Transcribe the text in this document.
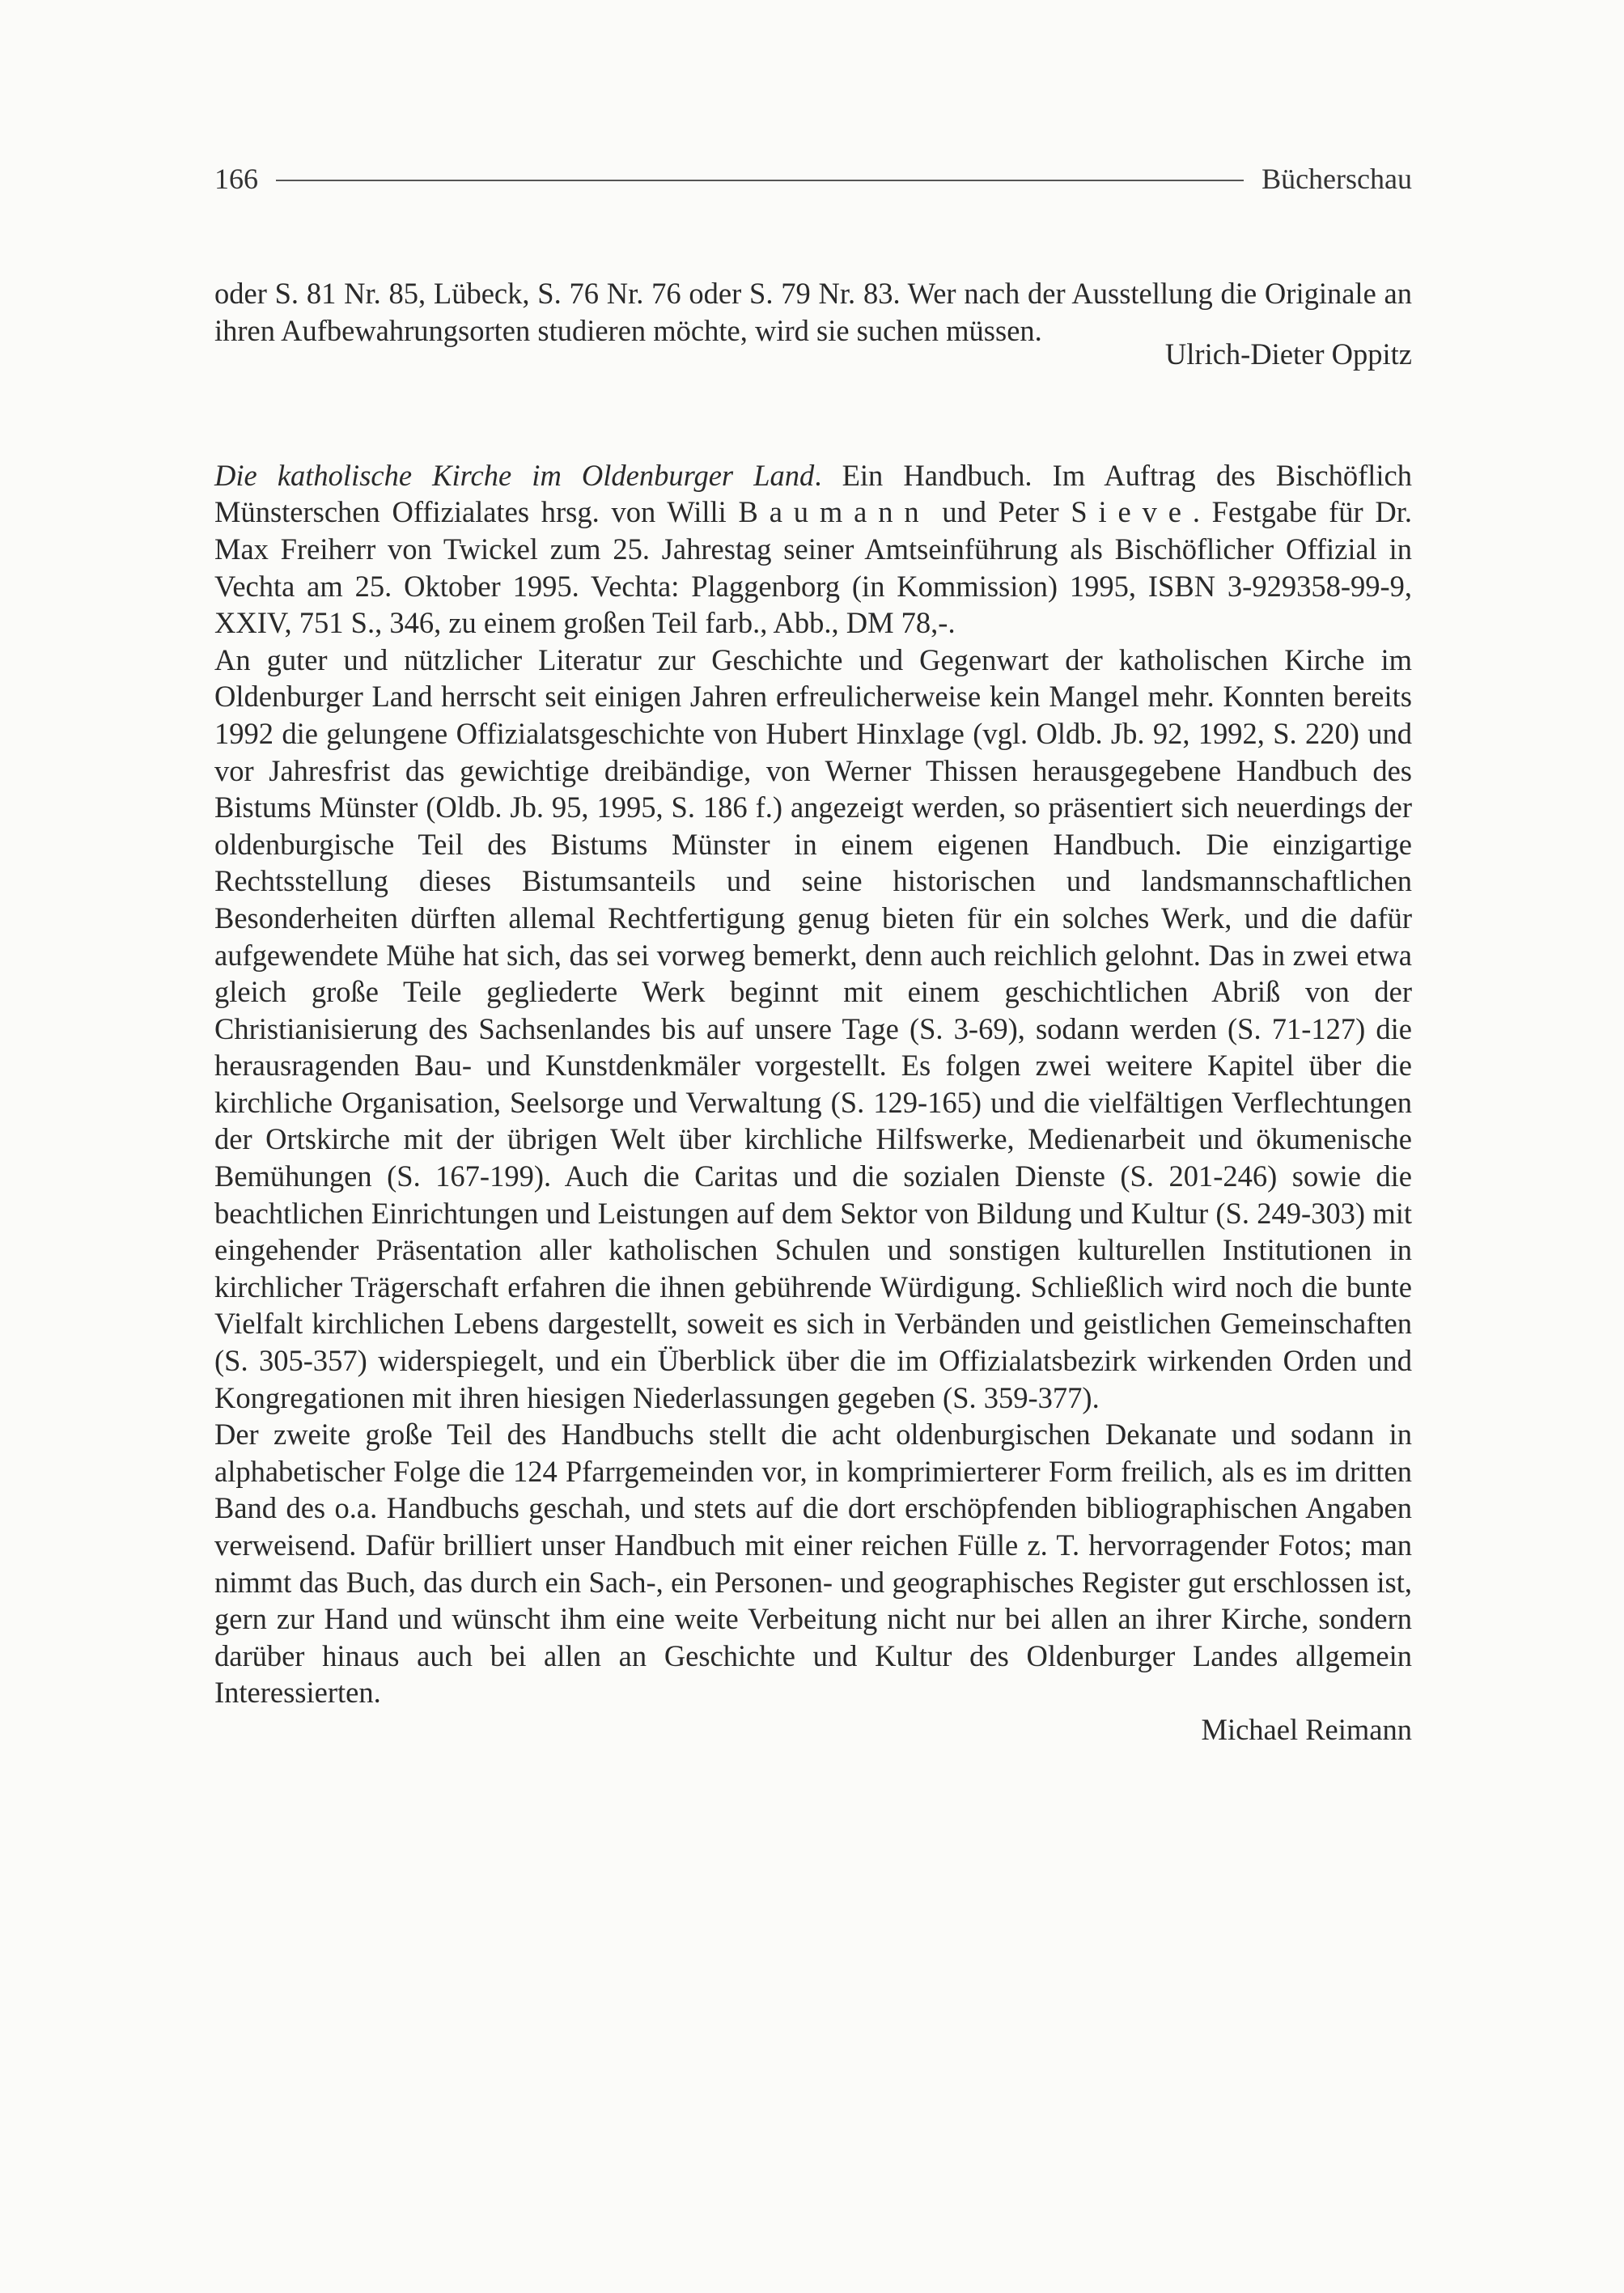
166	Bücherschau

oder S. 81 Nr. 85, Lübeck, S. 76 Nr. 76 oder S. 79 Nr. 83. Wer nach der Ausstellung die Originale an ihren Aufbewahrungsorten studieren möchte, wird sie suchen müssen.

Ulrich-Dieter Oppitz

Die katholische Kirche im Oldenburger Land. Ein Handbuch. Im Auftrag des Bischöflich Münsterschen Offizialates hrsg. von Willi Baumann und Peter Sieve. Festgabe für Dr. Max Freiherr von Twickel zum 25. Jahrestag seiner Amtseinführung als Bischöflicher Offizial in Vechta am 25. Oktober 1995. Vechta: Plaggenborg (in Kommission) 1995, ISBN 3-929358-99-9, XXIV, 751 S., 346, zu einem großen Teil farb., Abb., DM 78,-.

An guter und nützlicher Literatur zur Geschichte und Gegenwart der katholischen Kirche im Oldenburger Land herrscht seit einigen Jahren erfreulicherweise kein Mangel mehr. Konnten bereits 1992 die gelungene Offizialatsgeschichte von Hubert Hinxlage (vgl. Oldb. Jb. 92, 1992, S. 220) und vor Jahresfrist das gewichtige dreibändige, von Werner Thissen herausgegebene Handbuch des Bistums Münster (Oldb. Jb. 95, 1995, S. 186 f.) angezeigt werden, so präsentiert sich neuerdings der oldenburgische Teil des Bistums Münster in einem eigenen Handbuch. Die einzigartige Rechtsstellung dieses Bistumsanteils und seine historischen und landsmannschaftlichen Besonderheiten dürften allemal Rechtfertigung genug bieten für ein solches Werk, und die dafür aufgewendete Mühe hat sich, das sei vorweg bemerkt, denn auch reichlich gelohnt. Das in zwei etwa gleich große Teile gegliederte Werk beginnt mit einem geschichtlichen Abriß von der Christianisierung des Sachsenlandes bis auf unsere Tage (S. 3-69), sodann werden (S. 71-127) die herausragenden Bau- und Kunstdenkmäler vorgestellt. Es folgen zwei weitere Kapitel über die kirchliche Organisation, Seelsorge und Verwaltung (S. 129-165) und die vielfältigen Verflechtungen der Ortskirche mit der übrigen Welt über kirchliche Hilfswerke, Medienarbeit und ökumenische Bemühungen (S. 167-199). Auch die Caritas und die sozialen Dienste (S. 201-246) sowie die beachtlichen Einrichtungen und Leistungen auf dem Sektor von Bildung und Kultur (S. 249-303) mit eingehender Präsentation aller katholischen Schulen und sonstigen kulturellen Institutionen in kirchlicher Trägerschaft erfahren die ihnen gebührende Würdigung. Schließlich wird noch die bunte Vielfalt kirchlichen Lebens dargestellt, soweit es sich in Verbänden und geistlichen Gemeinschaften (S. 305-357) widerspiegelt, und ein Überblick über die im Offizialatsbezirk wirkenden Orden und Kongregationen mit ihren hiesigen Niederlassungen gegeben (S. 359-377).

Der zweite große Teil des Handbuchs stellt die acht oldenburgischen Dekanate und sodann in alphabetischer Folge die 124 Pfarrgemeinden vor, in komprimierterer Form freilich, als es im dritten Band des o.a. Handbuchs geschah, und stets auf die dort erschöpfenden bibliographischen Angaben verweisend. Dafür brilliert unser Handbuch mit einer reichen Fülle z. T. hervorragender Fotos; man nimmt das Buch, das durch ein Sach-, ein Personen- und geographisches Register gut erschlossen ist, gern zur Hand und wünscht ihm eine weite Verbeitung nicht nur bei allen an ihrer Kirche, sondern darüber hinaus auch bei allen an Geschichte und Kultur des Oldenburger Landes allgemein Interessierten.

Michael Reimann
